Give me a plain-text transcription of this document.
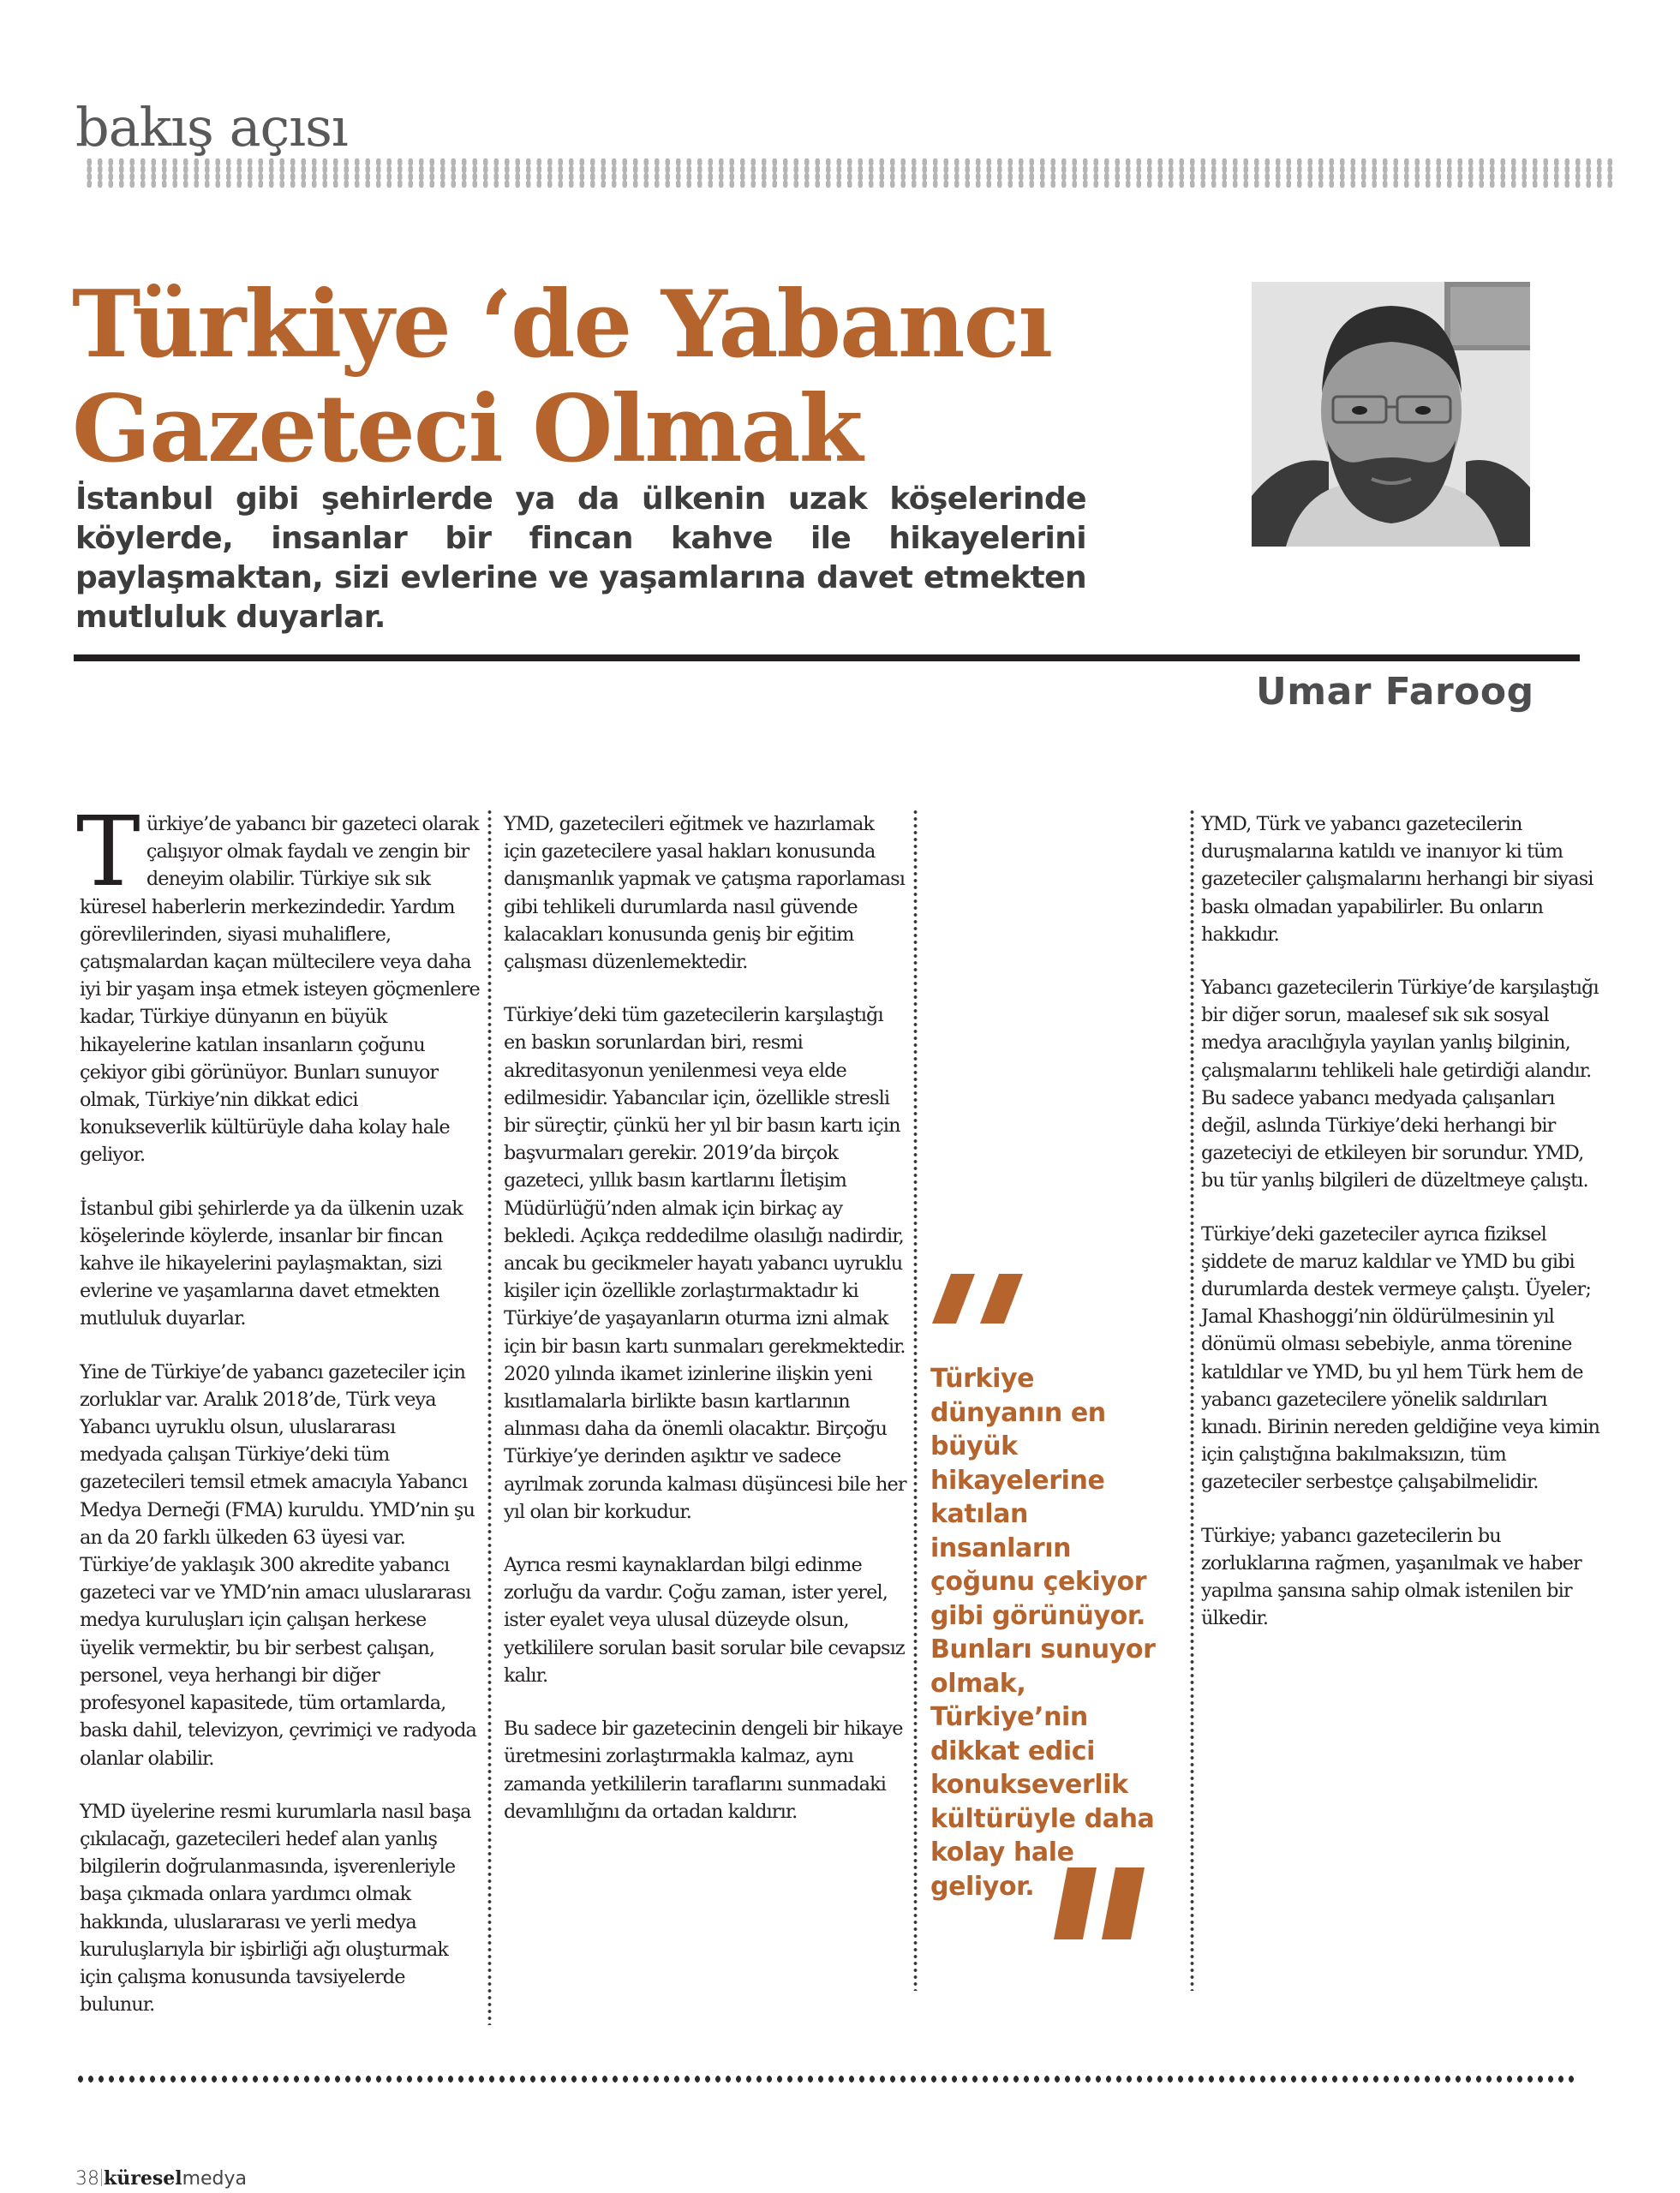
bakış açısı
Türkiye ‘de Yabancı
Gazeteci Olmak
İstanbul gibi şehirlerde ya da ülkenin uzak köşelerinde köylerde, insanlar bir fincan kahve ile hikayelerini paylaşmaktan, sizi evlerine ve yaşamlarına davet etmekten mutluluk duyarlar.
Umar Faroog

Türkiye’de yabancı bir gazeteci olarak çalışıyor olmak faydalı ve zengin bir deneyim olabilir. Türkiye sık sık küresel haberlerin merkezindedir. Yardım görevlilerinden, siyasi muhaliflere, çatışmalardan kaçan mültecilere veya daha iyi bir yaşam inşa etmek isteyen göçmenlere kadar, Türkiye dünyanın en büyük hikayelerine katılan insanların çoğunu çekiyor gibi görünüyor. Bunları sunuyor olmak, Türkiye’nin dikkat edici konukseverlik kültürüyle daha kolay hale geliyor.

İstanbul gibi şehirlerde ya da ülkenin uzak köşelerinde köylerde, insanlar bir fincan kahve ile hikayelerini paylaşmaktan, sizi evlerine ve yaşamlarına davet etmekten mutluluk duyarlar.

Yine de Türkiye’de yabancı gazeteciler için zorluklar var. Aralık 2018’de, Türk veya Yabancı uyruklu olsun, uluslararası medyada çalışan Türkiye’deki tüm gazetecileri temsil etmek amacıyla Yabancı Medya Derneği (FMA) kuruldu. YMD’nin şu an da 20 farklı ülkeden 63 üyesi var. Türkiye’de yaklaşık 300 akredite yabancı gazeteci var ve YMD’nin amacı uluslararası medya kuruluşları için çalışan herkese üyelik vermektir, bu bir serbest çalışan, personel, veya herhangi bir diğer profesyonel kapasitede, tüm ortamlarda, baskı dahil, televizyon, çevrimiçi ve radyoda olanlar olabilir.

YMD üyelerine resmi kurumlarla nasıl başa çıkılacağı, gazetecileri hedef alan yanlış bilgilerin doğrulanmasında, işverenleriyle başa çıkmada onlara yardımcı olmak hakkında, uluslararası ve yerli medya kuruluşlarıyla bir işbirliği ağı oluşturmak için çalışma konusunda tavsiyelerde bulunur.

YMD, gazetecileri eğitmek ve hazırlamak için gazetecilere yasal hakları konusunda danışmanlık yapmak ve çatışma raporlaması gibi tehlikeli durumlarda nasıl güvende kalacakları konusunda geniş bir eğitim çalışması düzenlemektedir.

Türkiye’deki tüm gazetecilerin karşılaştığı en baskın sorunlardan biri, resmi akreditasyonun yenilenmesi veya elde edilmesidir. Yabancılar için, özellikle stresli bir süreçtir, çünkü her yıl bir basın kartı için başvurmaları gerekir. 2019’da birçok gazeteci, yıllık basın kartlarını İletişim Müdürlüğü’nden almak için birkaç ay bekledi. Açıkça reddedilme olasılığı nadirdir, ancak bu gecikmeler hayatı yabancı uyruklu kişiler için özellikle zorlaştırmaktadır ki Türkiye’de yaşayanların oturma izni almak için bir basın kartı sunmaları gerekmektedir. 2020 yılında ikamet izinlerine ilişkin yeni kısıtlamalarla birlikte basın kartlarının alınması daha da önemli olacaktır. Birçoğu Türkiye’ye derinden aşıktır ve sadece ayrılmak zorunda kalması düşüncesi bile her yıl olan bir korkudur.

Ayrıca resmi kaynaklardan bilgi edinme zorluğu da vardır. Çoğu zaman, ister yerel, ister eyalet veya ulusal düzeyde olsun, yetkililere sorulan basit sorular bile cevapsız kalır.

Bu sadece bir gazetecinin dengeli bir hikaye üretmesini zorlaştırmakla kalmaz, aynı zamanda yetkililerin taraflarını sunmadaki devamlılığını da ortadan kaldırır.

Türkiye dünyanın en büyük hikayelerine katılan insanların çoğunu çekiyor gibi görünüyor. Bunları sunuyor olmak, Türkiye’nin dikkat edici konukseverlik kültürüyle daha kolay hale geliyor.

YMD, Türk ve yabancı gazetecilerin duruşmalarına katıldı ve inanıyor ki tüm gazeteciler çalışmalarını herhangi bir siyasi baskı olmadan yapabilirler. Bu onların hakkıdır.

Yabancı gazetecilerin Türkiye’de karşılaştığı bir diğer sorun, maalesef sık sık sosyal medya aracılığıyla yayılan yanlış bilginin, çalışmalarını tehlikeli hale getirdiği alandır. Bu sadece yabancı medyada çalışanları değil, aslında Türkiye’deki herhangi bir gazeteciyi de etkileyen bir sorundur. YMD, bu tür yanlış bilgileri de düzeltmeye çalıştı.

Türkiye’deki gazeteciler ayrıca fiziksel şiddete de maruz kaldılar ve YMD bu gibi durumlarda destek vermeye çalıştı. Üyeler; Jamal Khashoggi’nin öldürülmesinin yıl dönümü olması sebebiyle, anma törenine katıldılar ve YMD, bu yıl hem Türk hem de yabancı gazetecilere yönelik saldırıları kınadı. Birinin nereden geldiğine veya kimin için çalıştığına bakılmaksızın, tüm gazeteciler serbestçe çalışabilmelidir.

Türkiye; yabancı gazetecilerin bu zorluklarına rağmen, yaşanılmak ve haber yapılma şansına sahip olmak istenilen bir ülkedir.

38 küreselmedya
